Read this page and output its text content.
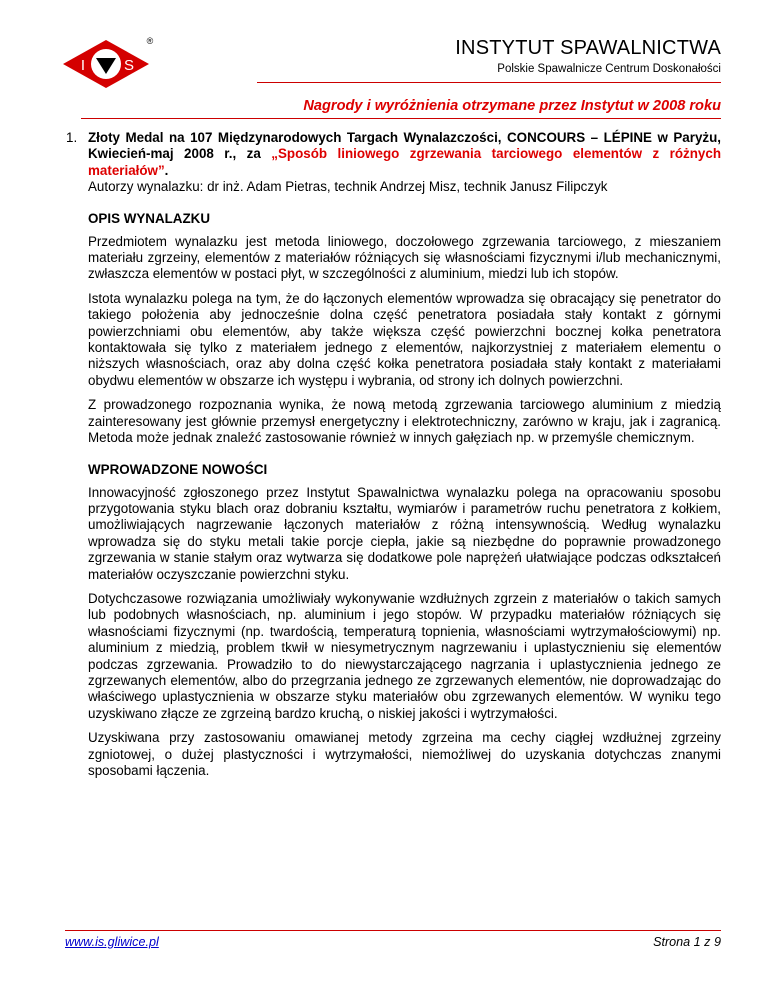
I	S
®	INSTYTUT SPAWALNICTWA
Polskie Spawalnicze Centrum Doskonałości
Nagrody i wyróżnienia otrzymane przez Instytut w 2008 roku
1. Złoty Medal na 107 Międzynarodowych Targach Wynalazczości, CONCOURS – LÉPINE w Paryżu, Kwiecień-maj 2008 r., za „Sposób liniowego zgrzewania tarciowego elementów z różnych materiałów”.
Autorzy wynalazku: dr inż. Adam Pietras, technik Andrzej Misz, technik Janusz Filipczyk
OPIS WYNALAZKU

Przedmiotem wynalazku jest metoda liniowego, doczołowego zgrzewania tarciowego, z mieszaniem materiału zgrzeiny, elementów z materiałów różniących się własnościami fizycznymi i/lub mechanicznymi, zwłaszcza elementów w postaci płyt, w szczególności z aluminium, miedzi lub ich stopów.

Istota wynalazku polega na tym, że do łączonych elementów wprowadza się obracający się penetrator do takiego położenia aby jednocześnie dolna część penetratora posiadała stały kontakt z górnymi powierzchniami obu elementów, aby także większa część powierzchni bocznej kołka penetratora kontaktowała się tylko z materiałem jednego z elementów, najkorzystniej z materiałem elementu o niższych własnościach, oraz aby dolna część kołka penetratora posiadała stały kontakt z materiałami obydwu elementów w obszarze ich występu i wybrania, od strony ich dolnych powierzchni.

Z prowadzonego rozpoznania wynika, że nową metodą zgrzewania tarciowego aluminium z miedzią zainteresowany jest głównie przemysł energetyczny i elektrotechniczny, zarówno w kraju, jak i zagranicą. Metoda może jednak znaleźć zastosowanie również w innych gałęziach np. w przemyśle chemicznym.

WPROWADZONE NOWOŚCI

Innowacyjność zgłoszonego przez Instytut Spawalnictwa wynalazku polega na opracowaniu sposobu przygotowania styku blach oraz dobraniu kształtu, wymiarów i parametrów ruchu penetratora z kołkiem, umożliwiających nagrzewanie łączonych materiałów z różną intensywnością. Według wynalazku wprowadza się do styku metali takie porcje ciepła, jakie są niezbędne do poprawnie prowadzonego zgrzewania w stanie stałym oraz wytwarza się dodatkowe pole naprężeń ułatwiające podczas odkształceń materiałów oczyszczanie powierzchni styku.

Dotychczasowe rozwiązania umożliwiały wykonywanie wzdłużnych zgrzein z materiałów o takich samych lub podobnych własnościach, np. aluminium i jego stopów. W przypadku materiałów różniących się własnościami fizycznymi (np. twardością, temperaturą topnienia, własnościami wytrzymałościowymi) np. aluminium z miedzią, problem tkwił w niesymetrycznym nagrzewaniu i uplastycznieniu się elementów podczas zgrzewania. Prowadziło to do niewystarczającego nagrzania i uplastycznienia jednego ze zgrzewanych elementów, albo do przegrzania jednego ze zgrzewanych elementów, nie doprowadzając do właściwego uplastycznienia w obszarze styku materiałów obu zgrzewanych elementów. W wyniku tego uzyskiwano złącze ze zgrzeiną bardzo kruchą, o niskiej jakości i wytrzymałości.

Uzyskiwana przy zastosowaniu omawianej metody zgrzeina ma cechy ciągłej wzdłużnej zgrzeiny zgniotowej, o dużej plastyczności i wytrzymałości, niemożliwej do uzyskania dotychczas znanymi sposobami łączenia.

www.is.gliwice.pl	Strona 1 z 9
